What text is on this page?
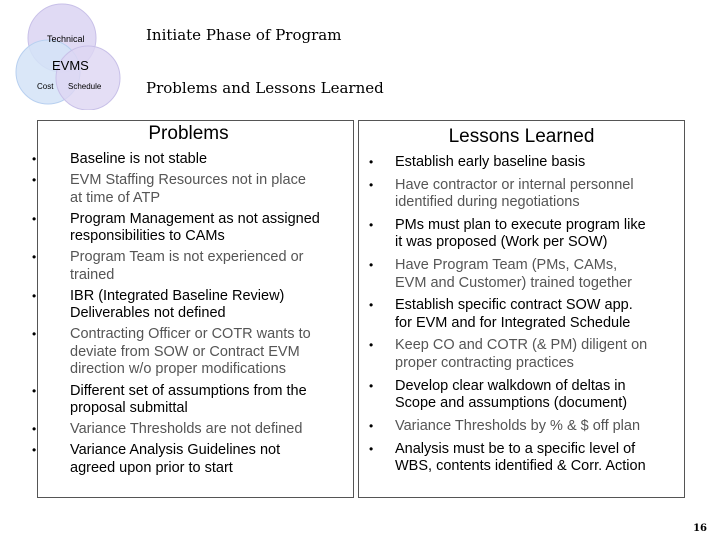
Technical
EVMS
Cost Schedule
Initiate Phase of Program
Problems and Lessons Learned
Problems
• Baseline is not stable
• EVM Staffing Resources not in place
at time of ATP
• Program Management as not assigned
responsibilities to CAMs
• Program Team is not experienced or
trained
• IBR (Integrated Baseline Review)
Deliverables not defined
• Contracting Officer or COTR wants to
deviate from SOW or Contract EVM
direction w/o proper modifications
• Different set of assumptions from the
proposal submittal
• Variance Thresholds are not defined
• Variance Analysis Guidelines not
agreed upon prior to start
Lessons Learned
• Establish early baseline basis
• Have contractor or internal personnel
identified during negotiations
• PMs must plan to execute program like
it was proposed (Work per SOW)
• Have Program Team (PMs, CAMs,
EVM and Customer) trained together
• Establish specific contract SOW app.
for EVM and for Integrated Schedule
• Keep CO and COTR (& PM) diligent on
proper contracting practices
• Develop clear walkdown of deltas in
Scope and assumptions (document)
• Variance Thresholds by % & $ off plan
• Analysis must be to a specific level of
WBS, contents identified & Corr. Action
16
